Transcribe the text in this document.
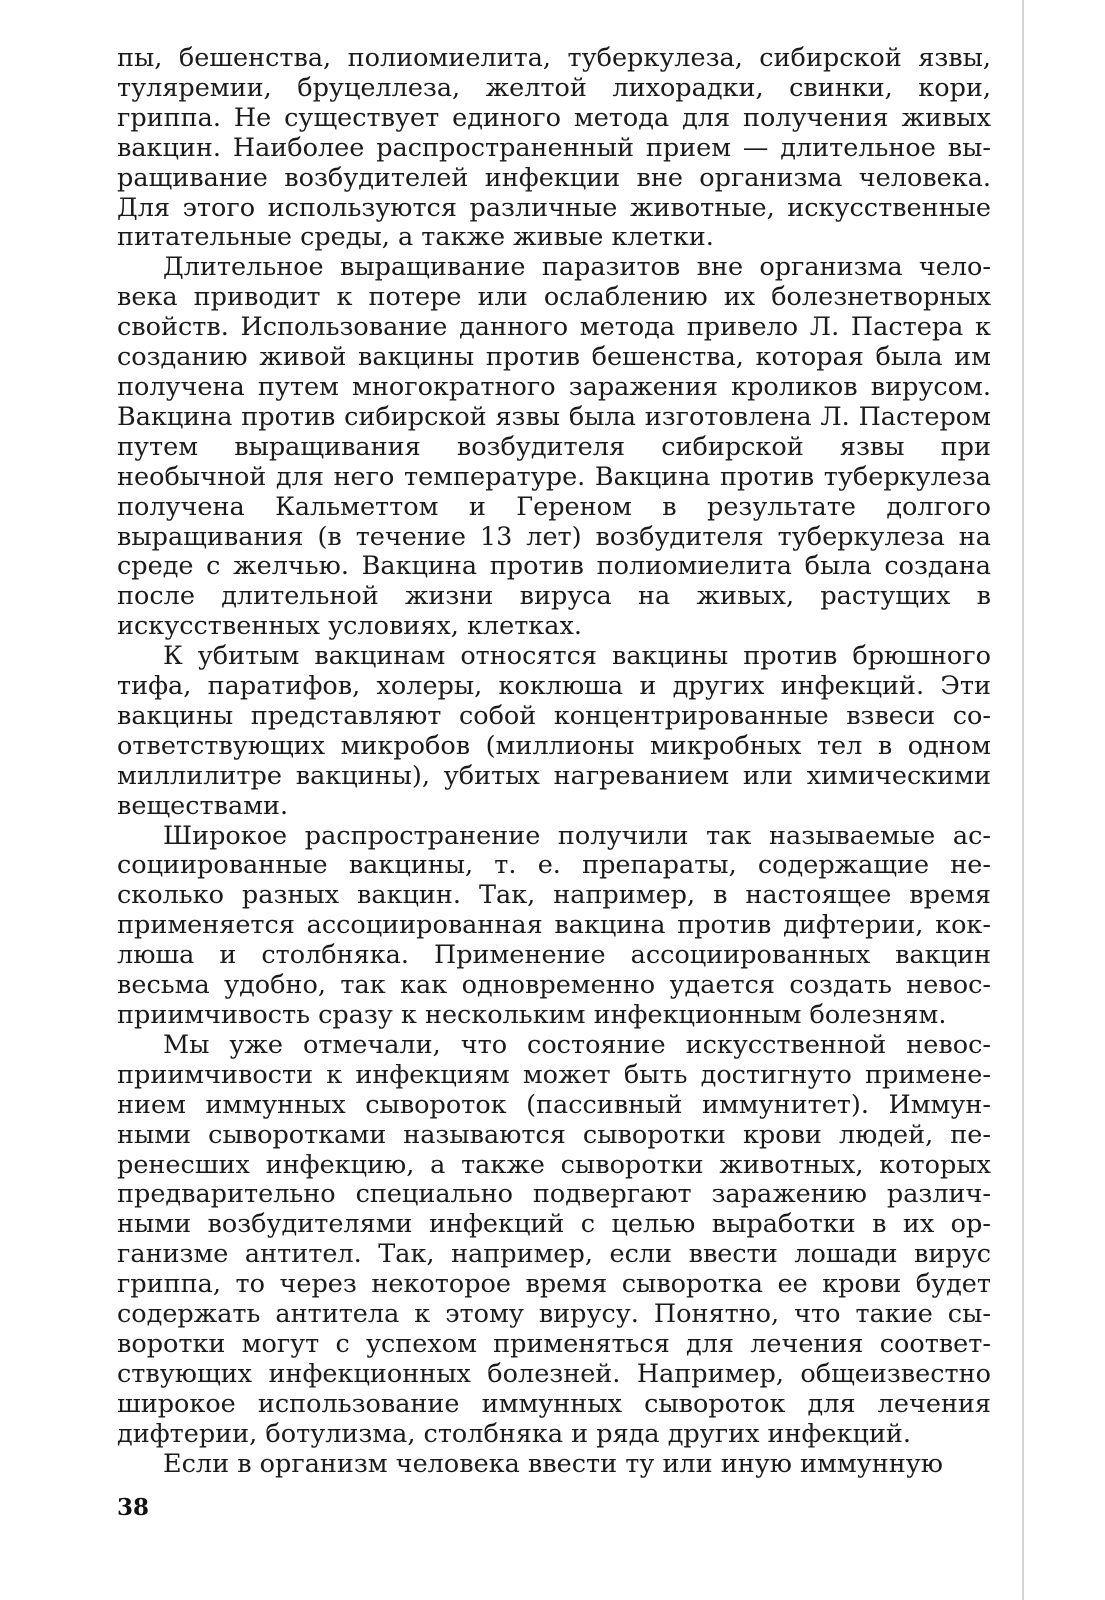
пы, бешенства, полиомиелита, туберкулеза, сибирской язвы, туляремии, бруцеллеза, желтой лихорадки, свинки, кори, гриппа. Не существует единого метода для получения живых вакцин. Наиболее распространенный прием — длительное выращивание возбудителей инфекции вне организма человека. Для этого используются различные животные, искусственные питательные среды, а также живые клетки.

Длительное выращивание паразитов вне организма человека приводит к потере или ослаблению их болезнетворных свойств. Использование данного метода привело Л. Пастера к созданию живой вакцины против бешенства, которая была им получена путем многократного заражения кроликов вирусом. Вакцина против сибирской язвы была изготовлена Л. Пастером путем выращивания возбудителя сибирской язвы при необычной для него температуре. Вакцина против туберкулеза получена Кальметтом и Гереном в результате долгого выращивания (в течение 13 лет) возбудителя туберкулеза на среде с желчью. Вакцина против полиомиелита была создана после длительной жизни вируса на живых, растущих в искусственных условиях, клетках.

К убитым вакцинам относятся вакцины против брюшного тифа, паратифов, холеры, коклюша и других инфекций. Эти вакцины представляют собой концентрированные взвеси соответствующих микробов (миллионы микробных тел в одном миллилитре вакцины), убитых нагреванием или химическими веществами.

Широкое распространение получили так называемые ассоциированные вакцины, т. е. препараты, содержащие несколько разных вакцин. Так, например, в настоящее время применяется ассоциированная вакцина против дифтерии, коклюша и столбняка. Применение ассоциированных вакцин весьма удобно, так как одновременно удается создать невосприимчивость сразу к нескольким инфекционным болезням.

Мы уже отмечали, что состояние искусственной невосприимчивости к инфекциям может быть достигнуто применением иммунных сывороток (пассивный иммунитет). Иммунными сыворотками называются сыворотки крови людей, перенесших инфекцию, а также сыворотки животных, которых предварительно специально подвергают заражению различными возбудителями инфекций с целью выработки в их организме антител. Так, например, если ввести лошади вирус гриппа, то через некоторое время сыворотка ее крови будет содержать антитела к этому вирусу. Понятно, что такие сыворотки могут с успехом применяться для лечения соответствующих инфекционных болезней. Например, общеизвестно широкое использование иммунных сывороток для лечения дифтерии, ботулизма, столбняка и ряда других инфекций.

Если в организм человека ввести ту или иную иммунную

38
